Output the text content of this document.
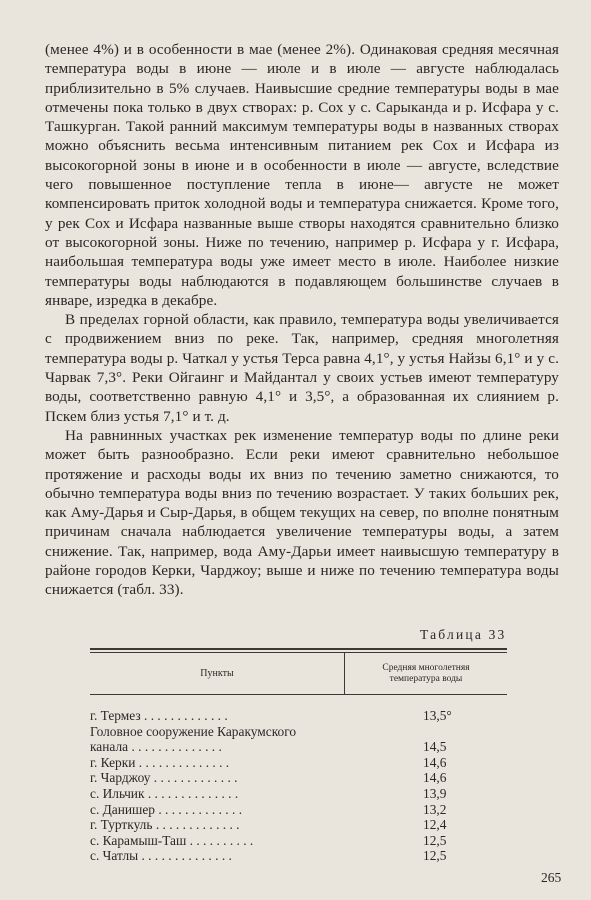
(менее 4%) и в особенности в мае (менее 2%). Одинаковая средняя месячная температура воды в июне — июле и в июле — августе наблюдалась приблизительно в 5% случаев. Наивысшие средние температуры воды в мае отмечены пока только в двух створах: р. Сох у с. Сарыканда и р. Исфара у с. Ташкурган. Такой ранний максимум температуры воды в названных створах можно объяснить весьма интенсивным питанием рек Сох и Исфара из высокогорной зоны в июне и в особенности в июле — августе, вследствие чего повышенное поступление тепла в июне— августе не может компенсировать приток холодной воды и температура снижается. Кроме того, у рек Сох и Исфара названные выше створы находятся сравнительно близко от высокогорной зоны. Ниже по течению, например р. Исфара у г. Исфара, наибольшая температура воды уже имеет место в июле. Наиболее низкие температуры воды наблюдаются в подавляющем большинстве случаев в январе, изредка в декабре.

В пределах горной области, как правило, температура воды увеличивается с продвижением вниз по реке. Так, например, средняя многолетняя температура воды р. Чаткал у устья Терса равна 4,1°, у устья Найзы 6,1° и у с. Чарвак 7,3°. Реки Ойгаинг и Майдантал у своих устьев имеют температуру воды, соответственно равную 4,1° и 3,5°, а образованная их слиянием р. Пскем близ устья 7,1° и т. д.

На равнинных участках рек изменение температур воды по длине реки может быть разнообразно. Если реки имеют сравнительно небольшое протяжение и расходы воды их вниз по течению заметно снижаются, то обычно температура воды вниз по течению возрастает. У таких больших рек, как Аму-Дарья и Сыр-Дарья, в общем текущих на север, по вполне понятным причинам сначала наблюдается увеличение температуры воды, а затем снижение. Так, например, вода Аму-Дарьи имеет наивысшую температуру в районе городов Керки, Чарджоу; выше и ниже по течению температура воды снижается (табл. 33).

Таблица 33
Пункты	Средняя многолетняя
температура воды
г. Термез . . . . . . . . . . . . .	13,5°
Головное сооружение Каракумского
канала . . . . . . . . . . . . . .	14,5
г. Керки . . . . . . . . . . . . . .	14,6
г. Чарджоу . . . . . . . . . . . . .	14,6
с. Ильчик . . . . . . . . . . . . . .	13,9
с. Данишер . . . . . . . . . . . . .	13,2
г. Турткуль . . . . . . . . . . . . .	12,4
с. Карамыш-Таш . . . . . . . . . .	12,5
с. Чатлы . . . . . . . . . . . . . .	12,5
265
